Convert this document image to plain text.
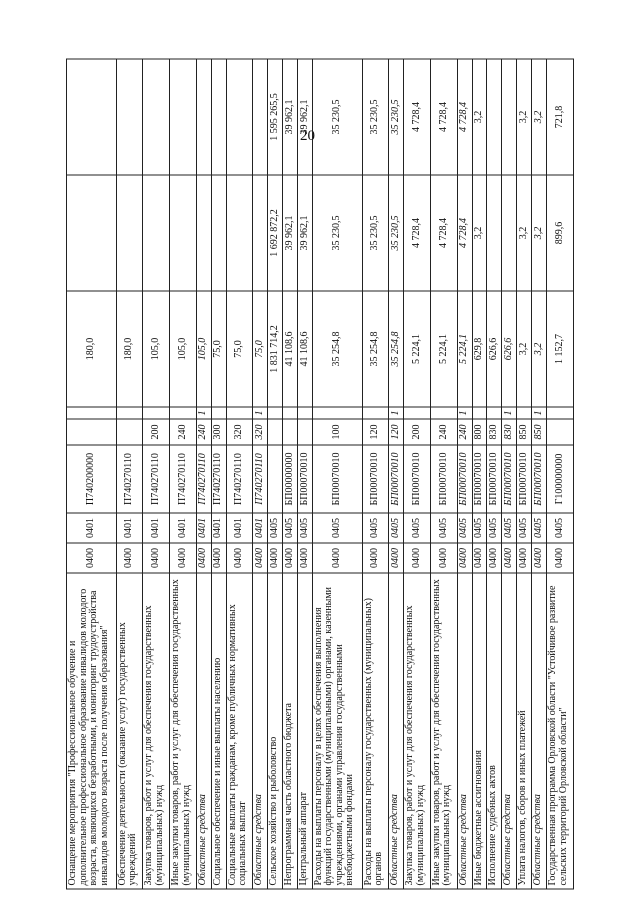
20
Оснащение мероприятия "Профессиональное обучение и дополнительное профессиональное образование инвалидов молодого возраста, являющихся безработными, и мониторинг трудоустройства инвалидов молодого возраста после получения образования"	0400	0401	П740200000			180,0		
Обеспечение деятельности (оказание услуг) государственных учреждений	0400	0401	П740270110			180,0		
Закупка товаров, работ и услуг для обеспечения государственных (муниципальных) нужд	0400	0401	П740270110	200		105,0		
Иные закупки товаров, работ и услуг для обеспечения государственных (муниципальных) нужд	0400	0401	П740270110	240		105,0		
Областные средства	0400	0401	П740270110	240	1	105,0		
Социальное обеспечение и иные выплаты населению	0400	0401	П740270110	300		75,0		
Социальные выплаты гражданам, кроме публичных нормативных социальных выплат	0400	0401	П740270110	320		75,0		
Областные средства	0400	0401	П740270110	320	1	75,0		
Сельское хозяйство и рыболовство	0400	0405				1 831 714,2	1 692 872,2	1 595 265,5
Непрограммная часть областного бюджета	0400	0405	БП00000000			41 108,6	39 962,1	39 962,1
Центральный аппарат	0400	0405	БП00070010			41 108,6	39 962,1	39 962,1
Расходы на выплаты персоналу в целях обеспечения выполнения функций государственными (муниципальными) органами, казенными учреждениями, органами управления государственными внебюджетными фондами	0400	0405	БП00070010	100		35 254,8	35 230,5	35 230,5
Расходы на выплаты персоналу государственных (муниципальных) органов	0400	0405	БП00070010	120		35 254,8	35 230,5	35 230,5
Областные средства	0400	0405	БП00070010	120	1	35 254,8	35 230,5	35 230,5
Закупка товаров, работ и услуг для обеспечения государственных (муниципальных) нужд	0400	0405	БП00070010	200		5 224,1	4 728,4	4 728,4
Иные закупки товаров, работ и услуг для обеспечения государственных (муниципальных) нужд	0400	0405	БП00070010	240		5 224,1	4 728,4	4 728,4
Областные средства	0400	0405	БП00070010	240	1	5 224,1	4 728,4	4 728,4
Иные бюджетные ассигнования	0400	0405	БП00070010	800		629,8	3,2	3,2
Исполнение судебных актов	0400	0405	БП00070010	830		626,6		
Областные средства	0400	0405	БП00070010	830	1	626,6		
Уплата налогов, сборов и иных платежей	0400	0405	БП00070010	850		3,2	3,2	3,2
Областные средства	0400	0405	БП00070010	850	1	3,2	3,2	3,2
Государственная программа Орловской области "Устойчивое развитие сельских территорий Орловской области"	0400	0405	Г100000000			1 152,7	899,6	721,8
